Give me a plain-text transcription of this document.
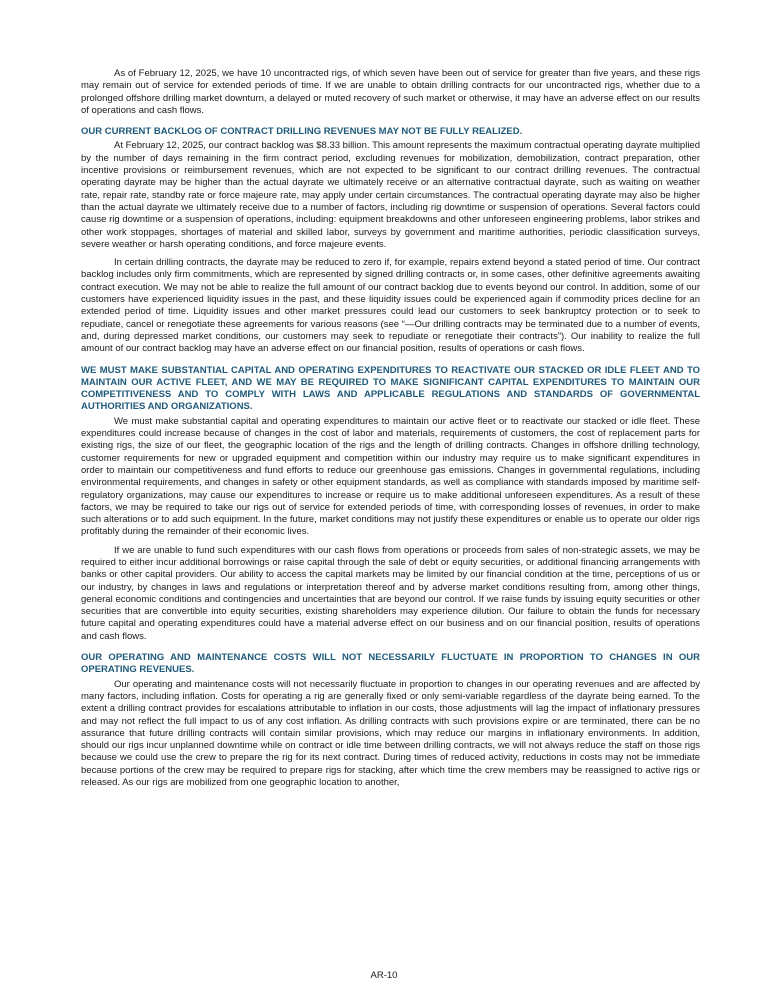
As of February 12, 2025, we have 10 uncontracted rigs, of which seven have been out of service for greater than five years, and these rigs may remain out of service for extended periods of time. If we are unable to obtain drilling contracts for our uncontracted rigs, whether due to a prolonged offshore drilling market downturn, a delayed or muted recovery of such market or otherwise, it may have an adverse effect on our results of operations and cash flows.

OUR CURRENT BACKLOG OF CONTRACT DRILLING REVENUES MAY NOT BE FULLY REALIZED.

At February 12, 2025, our contract backlog was $8.33 billion. This amount represents the maximum contractual operating dayrate multiplied by the number of days remaining in the firm contract period, excluding revenues for mobilization, demobilization, contract preparation, other incentive provisions or reimbursement revenues, which are not expected to be significant to our contract drilling revenues. The contractual operating dayrate may be higher than the actual dayrate we ultimately receive or an alternative contractual dayrate, such as waiting on weather rate, repair rate, standby rate or force majeure rate, may apply under certain circumstances. The contractual operating dayrate may also be higher than the actual dayrate we ultimately receive due to a number of factors, including rig downtime or suspension of operations. Several factors could cause rig downtime or a suspension of operations, including: equipment breakdowns and other unforeseen engineering problems, labor strikes and other work stoppages, shortages of material and skilled labor, surveys by government and maritime authorities, periodic classification surveys, severe weather or harsh operating conditions, and force majeure events.

In certain drilling contracts, the dayrate may be reduced to zero if, for example, repairs extend beyond a stated period of time. Our contract backlog includes only firm commitments, which are represented by signed drilling contracts or, in some cases, other definitive agreements awaiting contract execution. We may not be able to realize the full amount of our contract backlog due to events beyond our control. In addition, some of our customers have experienced liquidity issues in the past, and these liquidity issues could be experienced again if commodity prices decline for an extended period of time. Liquidity issues and other market pressures could lead our customers to seek bankruptcy protection or to seek to repudiate, cancel or renegotiate these agreements for various reasons (see “—Our drilling contracts may be terminated due to a number of events, and, during depressed market conditions, our customers may seek to repudiate or renegotiate their contracts”). Our inability to realize the full amount of our contract backlog may have an adverse effect on our financial position, results of operations or cash flows.

WE MUST MAKE SUBSTANTIAL CAPITAL AND OPERATING EXPENDITURES TO REACTIVATE OUR STACKED OR IDLE FLEET AND TO MAINTAIN OUR ACTIVE FLEET, AND WE MAY BE REQUIRED TO MAKE SIGNIFICANT CAPITAL EXPENDITURES TO MAINTAIN OUR COMPETITIVENESS AND TO COMPLY WITH LAWS AND APPLICABLE REGULATIONS AND STANDARDS OF GOVERNMENTAL AUTHORITIES AND ORGANIZATIONS.

We must make substantial capital and operating expenditures to maintain our active fleet or to reactivate our stacked or idle fleet. These expenditures could increase because of changes in the cost of labor and materials, requirements of customers, the cost of replacement parts for existing rigs, the size of our fleet, the geographic location of the rigs and the length of drilling contracts. Changes in offshore drilling technology, customer requirements for new or upgraded equipment and competition within our industry may require us to make significant expenditures in order to maintain our competitiveness and fund efforts to reduce our greenhouse gas emissions. Changes in governmental regulations, including environmental requirements, and changes in safety or other equipment standards, as well as compliance with standards imposed by maritime self-regulatory organizations, may cause our expenditures to increase or require us to make additional unforeseen expenditures. As a result of these factors, we may be required to take our rigs out of service for extended periods of time, with corresponding losses of revenues, in order to make such alterations or to add such equipment. In the future, market conditions may not justify these expenditures or enable us to operate our older rigs profitably during the remainder of their economic lives.

If we are unable to fund such expenditures with our cash flows from operations or proceeds from sales of non-strategic assets, we may be required to either incur additional borrowings or raise capital through the sale of debt or equity securities, or additional financing arrangements with banks or other capital providers. Our ability to access the capital markets may be limited by our financial condition at the time, perceptions of us or our industry, by changes in laws and regulations or interpretation thereof and by adverse market conditions resulting from, among other things, general economic conditions and contingencies and uncertainties that are beyond our control. If we raise funds by issuing equity securities or other securities that are convertible into equity securities, existing shareholders may experience dilution. Our failure to obtain the funds for necessary future capital and operating expenditures could have a material adverse effect on our business and on our financial position, results of operations and cash flows.

OUR OPERATING AND MAINTENANCE COSTS WILL NOT NECESSARILY FLUCTUATE IN PROPORTION TO CHANGES IN OUR OPERATING REVENUES.

Our operating and maintenance costs will not necessarily fluctuate in proportion to changes in our operating revenues and are affected by many factors, including inflation. Costs for operating a rig are generally fixed or only semi-variable regardless of the dayrate being earned. To the extent a drilling contract provides for escalations attributable to inflation in our costs, those adjustments will lag the impact of inflationary pressures and may not reflect the full impact to us of any cost inflation. As drilling contracts with such provisions expire or are terminated, there can be no assurance that future drilling contracts will contain similar provisions, which may reduce our margins in inflationary environments. In addition, should our rigs incur unplanned downtime while on contract or idle time between drilling contracts, we will not always reduce the staff on those rigs because we could use the crew to prepare the rig for its next contract. During times of reduced activity, reductions in costs may not be immediate because portions of the crew may be required to prepare rigs for stacking, after which time the crew members may be reassigned to active rigs or released. As our rigs are mobilized from one geographic location to another,

AR-10
